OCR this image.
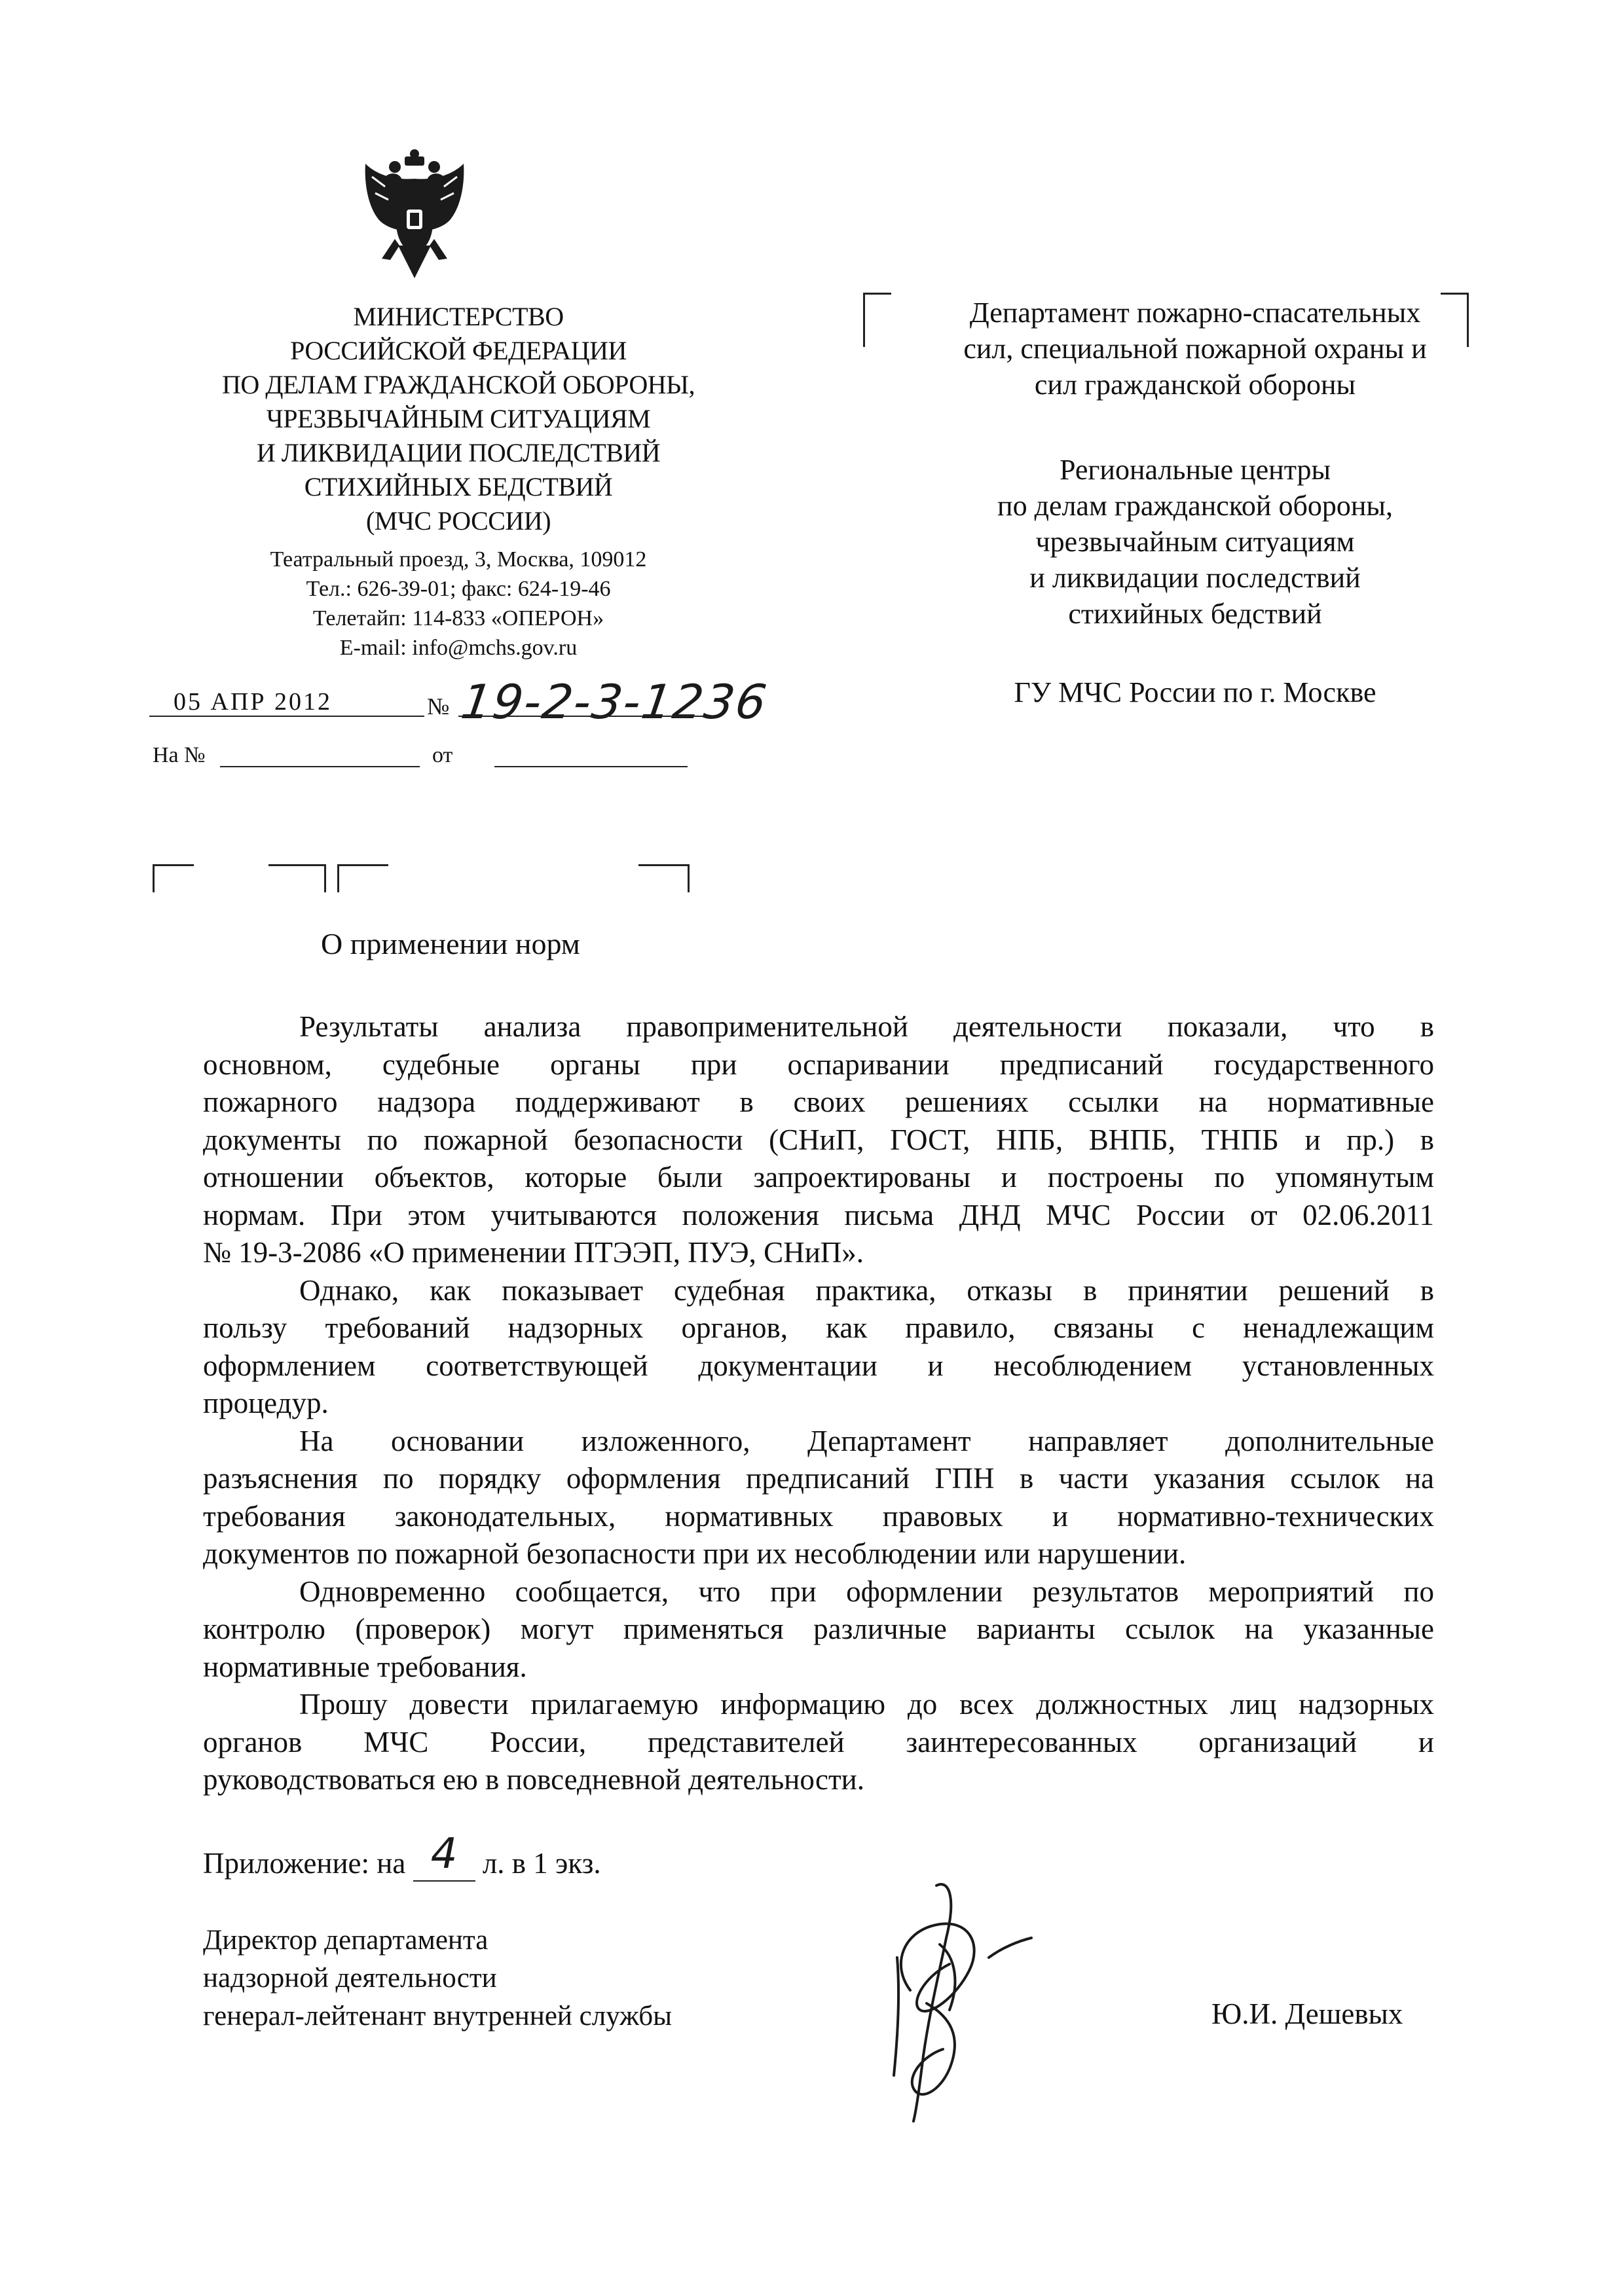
МИНИСТЕРСТВО
РОССИЙСКОЙ ФЕДЕРАЦИИ
ПО ДЕЛАМ ГРАЖДАНСКОЙ ОБОРОНЫ,
ЧРЕЗВЫЧАЙНЫМ СИТУАЦИЯМ
И ЛИКВИДАЦИИ ПОСЛЕДСТВИЙ
СТИХИЙНЫХ БЕДСТВИЙ
(МЧС РОССИИ)
Театральный проезд, 3, Москва, 109012
Тел.: 626-39-01; факс: 624-19-46
Телетайп: 114-833 «ОПЕРОН»
E-mail: info@mchs.gov.ru
05 АПР 2012	№ 19-2-3-1236
На №	от
Департамент пожарно-спасательных
сил, специальной пожарной охраны и
сил гражданской обороны
Региональные центры
по делам гражданской обороны,
чрезвычайным ситуациям
и ликвидации последствий
стихийных бедствий
ГУ МЧС России по г. Москве
О применении норм

Результаты анализа правоприменительной деятельности показали, что в

основном, судебные органы при оспаривании предписаний государственного

пожарного надзора поддерживают в своих решениях ссылки на нормативные

документы по пожарной безопасности (СНиП, ГОСТ, НПБ, ВНПБ, ТНПБ и пр.) в

отношении объектов, которые были запроектированы и построены по упомянутым

нормам. При этом учитываются положения письма ДНД МЧС России от 02.06.2011

№ 19-3-2086 «О применении ПТЭЭП, ПУЭ, СНиП».

Однако, как показывает судебная практика, отказы в принятии решений в

пользу требований надзорных органов, как правило, связаны с ненадлежащим

оформлением соответствующей документации и несоблюдением установленных

процедур.

На основании изложенного, Департамент направляет дополнительные

разъяснения по порядку оформления предписаний ГПН в части указания ссылок на

требования законодательных, нормативных правовых и нормативно-технических

документов по пожарной безопасности при их несоблюдении или нарушении.

Одновременно сообщается, что при оформлении результатов мероприятий по

контролю (проверок) могут применяться различные варианты ссылок на указанные

нормативные требования.

Прошу довести прилагаемую информацию до всех должностных лиц надзорных

органов МЧС России, представителей заинтересованных организаций и

руководствоваться ею в повседневной деятельности.

Приложение: на 4 л. в 1 экз.
Директор департамента
надзорной деятельности
генерал-лейтенант внутренней службы	Ю.И. Дешевых
